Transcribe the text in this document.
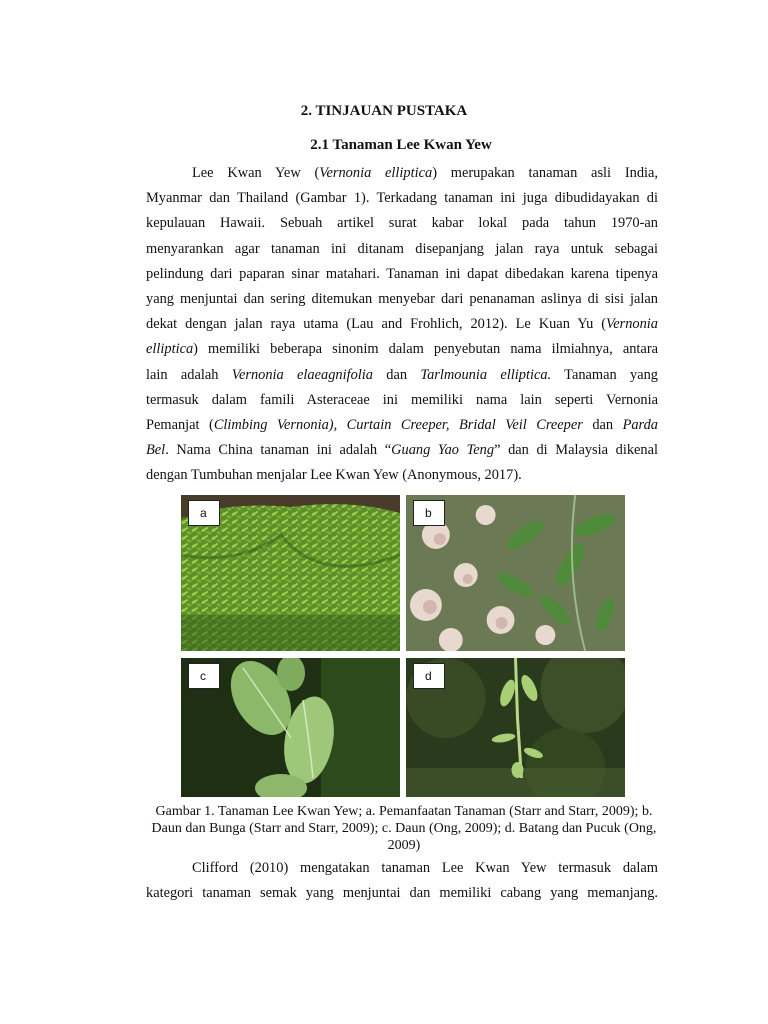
2. TINJAUAN PUSTAKA
2.1 Tanaman Lee Kwan Yew
Lee Kwan Yew (Vernonia elliptica) merupakan tanaman asli India,
Myanmar dan Thailand (Gambar 1). Terkadang tanaman ini juga dibudidayakan di
kepulauan Hawaii. Sebuah artikel surat kabar lokal pada tahun 1970-an
menyarankan agar tanaman ini ditanam disepanjang jalan raya untuk sebagai
pelindung dari paparan sinar matahari. Tanaman ini dapat dibedakan karena tipenya
yang menjuntai dan sering ditemukan menyebar dari penanaman aslinya di sisi jalan
dekat dengan jalan raya utama (Lau and Frohlich, 2012). Le Kuan Yu (Vernonia
elliptica) memiliki beberapa sinonim dalam penyebutan nama ilmiahnya, antara
lain adalah Vernonia elaeagnifolia dan Tarlmounia elliptica. Tanaman yang
termasuk dalam famili Asteraceae ini memiliki nama lain seperti Vernonia
Pemanjat (Climbing Vernonia), Curtain Creeper, Bridal Veil Creeper dan Parda
Bel. Nama China tanaman ini adalah “Guang Yao Teng” dan di Malaysia dikenal
dengan Tumbuhan menjalar Lee Kwan Yew (Anonymous, 2017).
a	b
c	d
Gambar 1. Tanaman Lee Kwan Yew; a. Pemanfaatan Tanaman (Starr and Starr, 2009); b. Daun dan Bunga (Starr and Starr, 2009); c. Daun (Ong, 2009); d. Batang dan Pucuk (Ong, 2009)
Clifford (2010) mengatakan tanaman Lee Kwan Yew termasuk dalam
kategori tanaman semak yang menjuntai dan memiliki cabang yang memanjang.
